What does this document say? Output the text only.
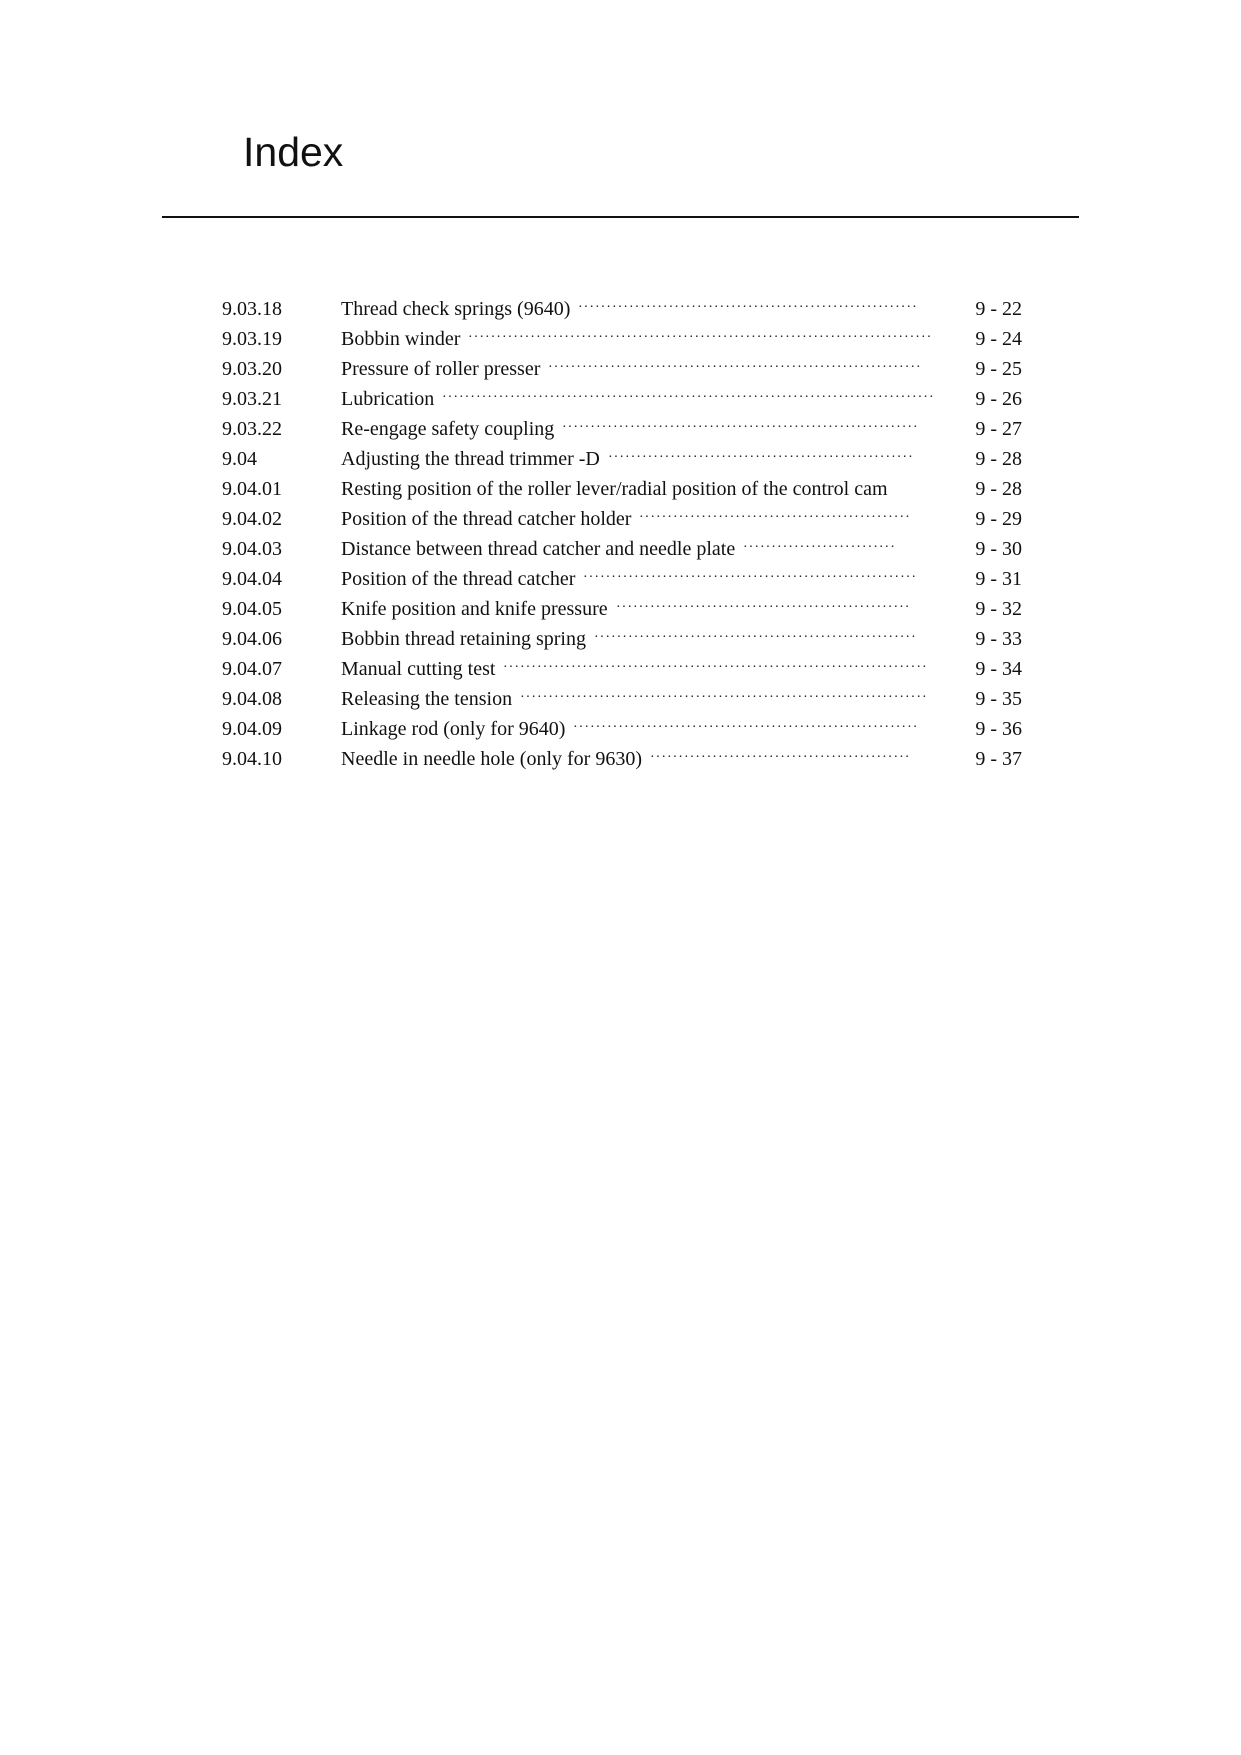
Index
9.03.18	Thread check springs (9640) ····························································	9 - 22
9.03.19	Bobbin winder ··················································································	9 - 24
9.03.20	Pressure of roller presser ··································································	9 - 25
9.03.21	Lubrication ·······················································································	9 - 26
9.03.22	Re-engage safety coupling ·······························································	9 - 27
9.04	Adjusting the thread trimmer -D ······················································	9 - 28
9.04.01	Resting position of the roller lever/radial position of the control cam	9 - 28
9.04.02	Position of the thread catcher holder ················································	9 - 29
9.04.03	Distance between thread catcher and needle plate ···························	9 - 30
9.04.04	Position of the thread catcher ···························································	9 - 31
9.04.05	Knife position and knife pressure ····················································	9 - 32
9.04.06	Bobbin thread retaining spring ·························································	9 - 33
9.04.07	Manual cutting test ···········································································	9 - 34
9.04.08	Releasing the tension ········································································	9 - 35
9.04.09	Linkage rod (only for 9640) ·····························································	9 - 36
9.04.10	Needle in needle hole (only for 9630) ··············································	9 - 37
